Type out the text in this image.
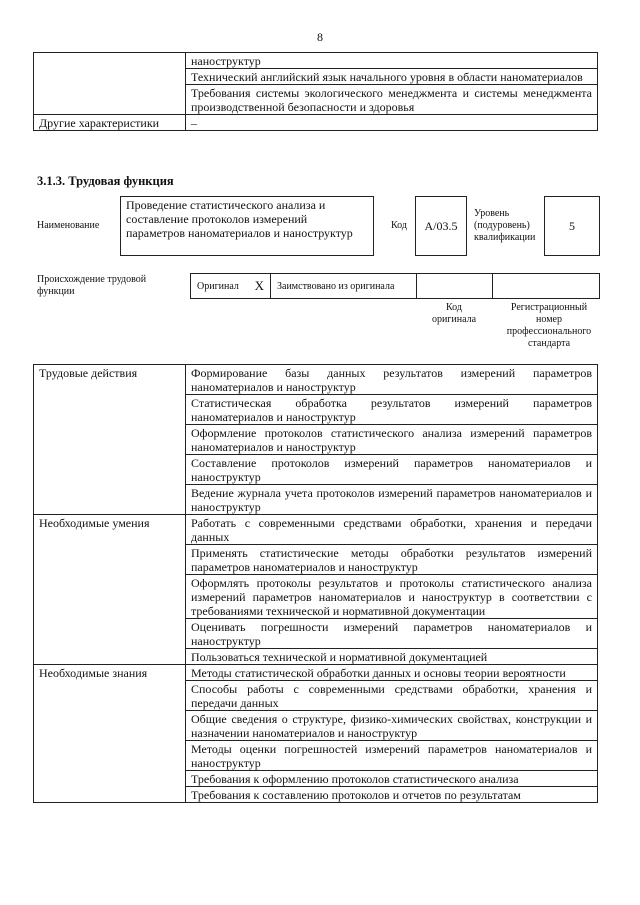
8
	наноструктур
	Технический английский язык начального уровня в области наноматериалов
	Требования системы экологического менеджмента и системы менеджмента производственной безопасности и здоровья
Другие характеристики	–
3.1.3. Трудовая функция
Наименование
Проведение статистического анализа и составление протоколов измерений параметров наноматериалов и наноструктур
Код	А/03.5
Уровень
(подуровень)
квалификации
5
Происхождение трудовой
функции	Оригинал X Заимствовано из оригинала
Код
оригинала
Регистрационный
номер
профессионального
стандарта
Трудовые действия	Формирование базы данных результатов измерений параметров наноматериалов и наноструктур
	Статистическая обработка результатов измерений параметров наноматериалов и наноструктур
	Оформление протоколов статистического анализа измерений параметров наноматериалов и наноструктур
	Составление протоколов измерений параметров наноматериалов и наноструктур
	Ведение журнала учета протоколов измерений параметров наноматериалов и наноструктур
Необходимые умения	Работать с современными средствами обработки, хранения и передачи данных
	Применять статистические методы обработки результатов измерений параметров наноматериалов и наноструктур
	Оформлять протоколы результатов и протоколы статистического анализа измерений параметров наноматериалов и наноструктур в соответствии с требованиями технической и нормативной документации
	Оценивать погрешности измерений параметров наноматериалов и наноструктур
	Пользоваться технической и нормативной документацией
Необходимые знания	Методы статистической обработки данных и основы теории вероятности
	Способы работы с современными средствами обработки, хранения и передачи данных
	Общие сведения о структуре, физико-химических свойствах, конструкции и назначении наноматериалов и наноструктур
	Методы оценки погрешностей измерений параметров наноматериалов и наноструктур
	Требования к оформлению протоколов статистического анализа
	Требования к составлению протоколов и отчетов по результатам
